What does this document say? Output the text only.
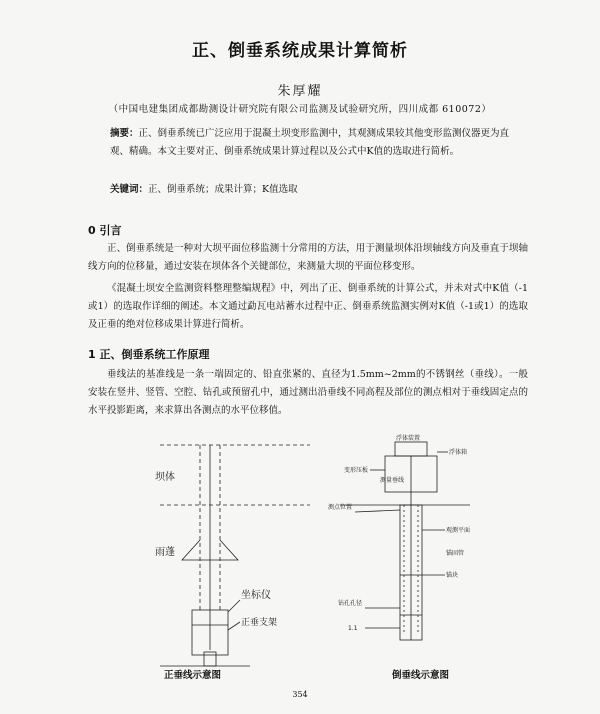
正、倒垂系统成果计算简析
朱厚耀
（中国电建集团成都勘测设计研究院有限公司监测及试验研究所，四川成都 610072）
摘要：正、倒垂系统已广泛应用于混凝土坝变形监测中，其观测成果较其他变形监测仪器更为直观、精确。本文主要对正、倒垂系统成果计算过程以及公式中K值的选取进行简析。
关键词：正、倒垂系统；成果计算；K值选取
0 引言
正、倒垂系统是一种对大坝平面位移监测十分常用的方法，用于测量坝体沿坝轴线方向及垂直于坝轴线方向的位移量，通过安装在坝体各个关键部位，来测量大坝的平面位移变形。
《混凝土坝安全监测资料整理整编规程》中，列出了正、倒垂系统的计算公式，并未对式中K值（-1或1）的选取作详细的阐述。本文通过勐瓦电站蓄水过程中正、倒垂系统监测实例对K值（-1或1）的选取及正垂的绝对位移成果计算进行简析。
1 正、倒垂系统工作原理
垂线法的基准线是一条一端固定的、铅直张紧的、直径为1.5mm~2mm的不锈钢丝（垂线）。一般安装在竖井、竖管、空腔、钻孔或预留孔中，通过测出沿垂线不同高程及部位的测点相对于垂线固定点的水平投影距离，来求算出各测点的水平位移值。
坝体
雨蓬
坐标仪
正垂支架
浮体装置
浮体箱
变形压板
测量垂线
测点位置
观测平面
锚固管
锚块
钻孔孔径
1.1
正垂线示意图	倒垂线示意图
354
